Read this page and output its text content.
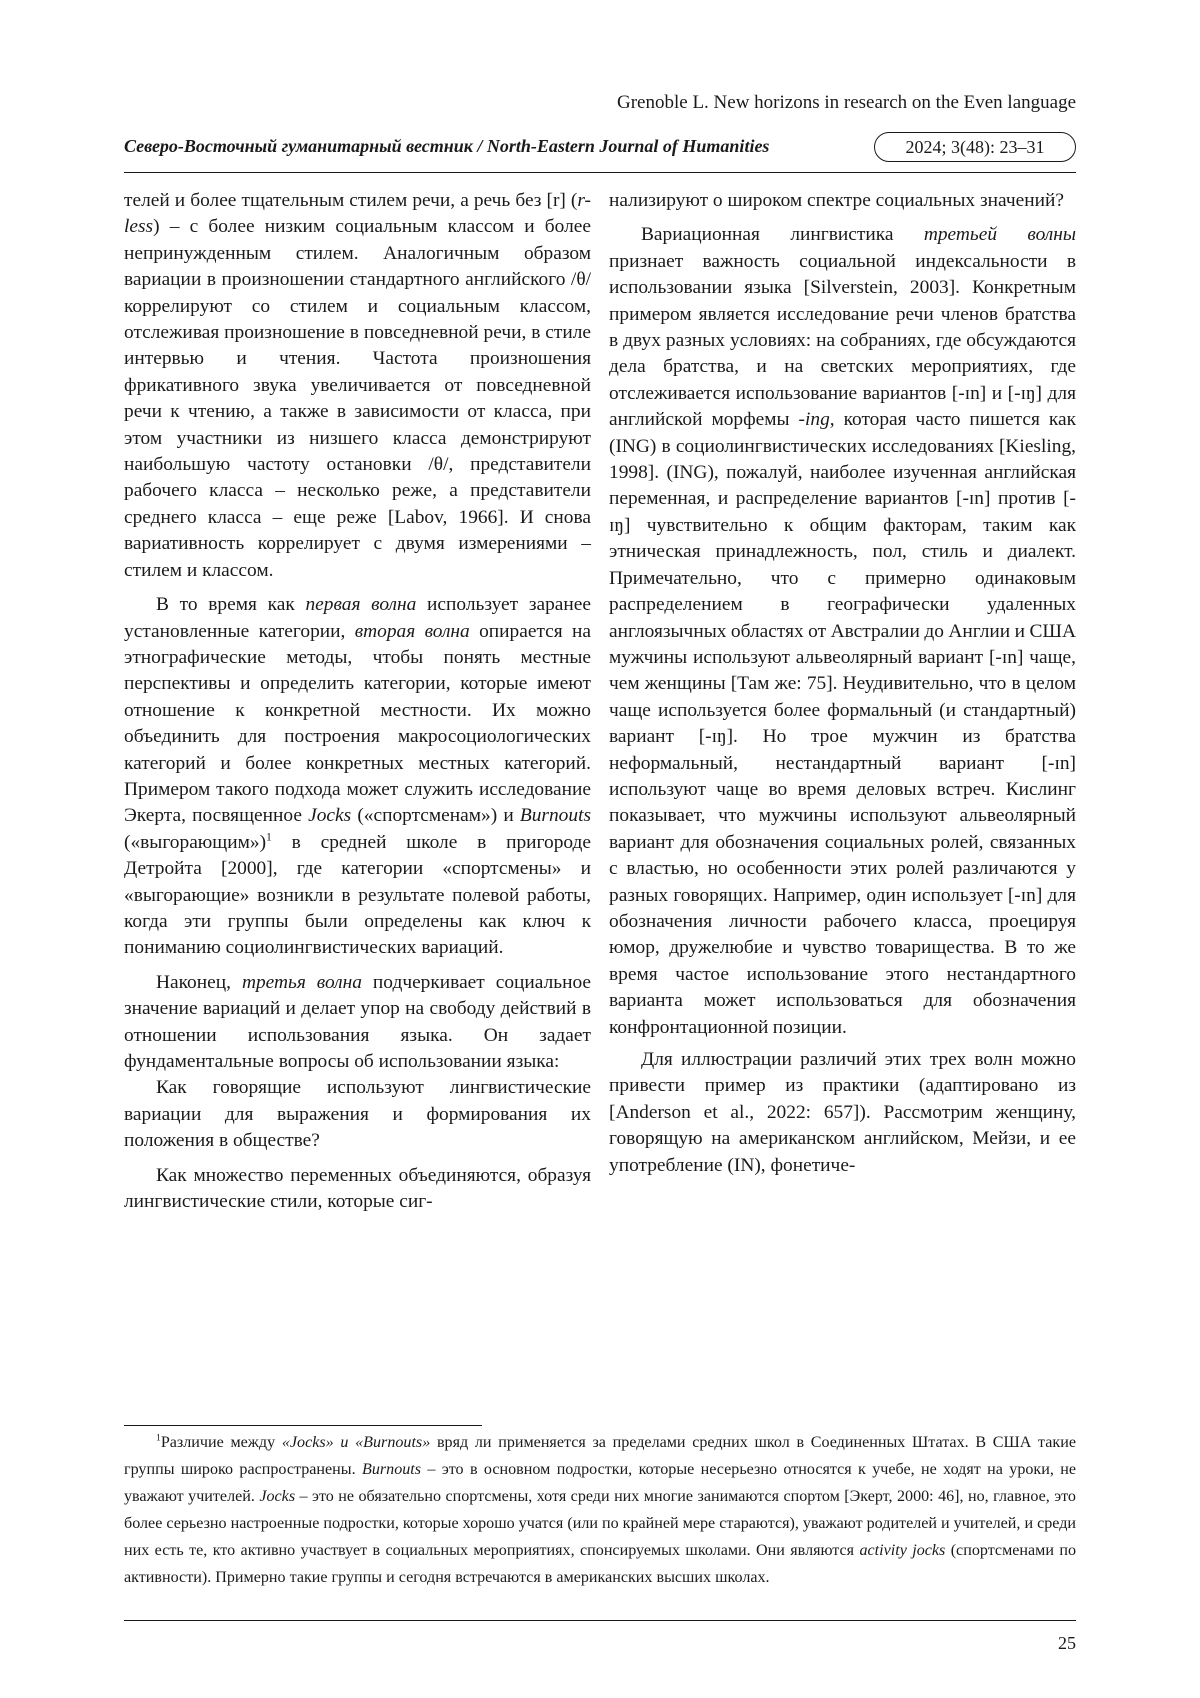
Grenoble L. New horizons in research on the Even language
Северо-Восточный гуманитарный вестник / North-Eastern Journal of Humanities	2024; 3(48): 23–31

телей и более тщательным стилем речи, а речь без [r] (r-less) – с более низким социальным классом и более непринужденным стилем. Аналогичным образом вариации в произношении стандартного английского /θ/ коррелируют со стилем и социальным классом, отслеживая произношение в повседневной речи, в стиле интервью и чтения. Частота произношения фрикативного звука увеличивается от повседневной речи к чтению, а также в зависимости от класса, при этом участники из низшего класса демонстрируют наибольшую частоту остановки /θ/, представители рабочего класса – несколько реже, а представители среднего класса – еще реже [Labov, 1966]. И снова вариативность коррелирует с двумя измерениями – стилем и классом.

В то время как первая волна использует заранее установленные категории, вторая волна опирается на этнографические методы, чтобы понять местные перспективы и определить категории, которые имеют отношение к конкретной местности. Их можно объединить для построения макросоциологических категорий и более конкретных местных категорий. Примером такого подхода может служить исследование Экерта, посвященное Jocks («спортсменам») и Burnouts («выгорающим»)$^1$ в средней школе в пригороде Детройта [2000], где категории «спортсмены» и «выгорающие» возникли в результате полевой работы, когда эти группы были определены как ключ к пониманию социолингвистических вариаций.

Наконец, третья волна подчеркивает социальное значение вариаций и делает упор на свободу действий в отношении использования языка. Он задает фундаментальные вопросы об использовании языка:

Как говорящие используют лингвистические вариации для выражения и формирования их положения в обществе?

Как множество переменных объединяются, образуя лингвистические стили, которые сиг-

нализируют о широком спектре социальных значений?

Вариационная лингвистика третьей волны признает важность социальной индексальности в использовании языка [Silverstein, 2003]. Конкретным примером является исследование речи членов братства в двух разных условиях: на собраниях, где обсуждаются дела братства, и на светских мероприятиях, где отслеживается использование вариантов [-ɪn] и [-ɪŋ] для английской морфемы -ing, которая часто пишется как (ING) в социолингвистических исследованиях [Kiesling, 1998]. (ING), пожалуй, наиболее изученная английская переменная, и распределение вариантов [-ɪn] против [-ɪŋ] чувствительно к общим факторам, таким как этническая принадлежность, пол, стиль и диалект. Примечательно, что с примерно одинаковым распределением в географически удаленных англоязычных областях от Австралии до Англии и США мужчины используют альвеолярный вариант [-ɪn] чаще, чем женщины [Там же: 75]. Неудивительно, что в целом чаще используется более формальный (и стандартный) вариант [-ɪŋ]. Но трое мужчин из братства неформальный, нестандартный вариант [-ɪn] используют чаще во время деловых встреч. Кислинг показывает, что мужчины используют альвеолярный вариант для обозначения социальных ролей, связанных с властью, но особенности этих ролей различаются у разных говорящих. Например, один использует [-ɪn] для обозначения личности рабочего класса, проецируя юмор, дружелюбие и чувство товарищества. В то же время частое использование этого нестандартного варианта может использоваться для обозначения конфронтационной позиции.

Для иллюстрации различий этих трех волн можно привести пример из практики (адаптировано из [Anderson et al., 2022: 657]). Рассмотрим женщину, говорящую на американском английском, Мейзи, и ее употребление (IN), фонетиче-

$^1$Различие между «Jocks» и «Burnouts» вряд ли применяется за пределами средних школ в Соединенных Штатах. В США такие группы широко распространены. Burnouts – это в основном подростки, которые несерьезно относятся к учебе, не ходят на уроки, не уважают учителей. Jocks – это не обязательно спортсмены, хотя среди них многие занимаются спортом [Экерт, 2000: 46], но, главное, это более серьезно настроенные подростки, которые хорошо учатся (или по крайней мере стараются), уважают родителей и учителей, и среди них есть те, кто активно участвует в социальных мероприятиях, спонсируемых школами. Они являются activity jocks (спортсменами по активности). Примерно такие группы и сегодня встречаются в американских высших школах.

25
